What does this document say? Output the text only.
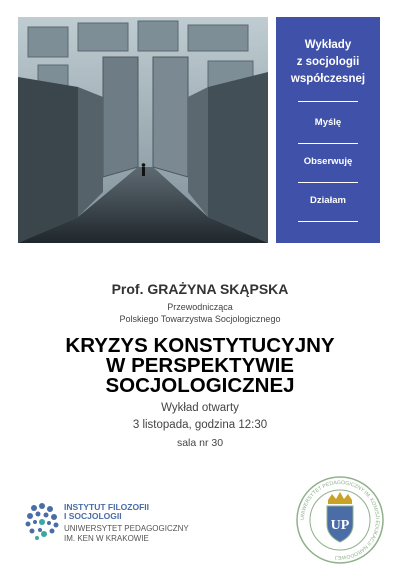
Wykłady
z socjologii
współczesnej
Myślę
Obserwuję
Działam
Prof. GRAŻYNA SKĄPSKA
Przewodnicząca
Polskiego Towarzystwa Socjologicznego
KRYZYS KONSTYTUCYJNY
W PERSPEKTYWIE
SOCJOLOGICZNEJ
Wykład otwarty
3 listopada, godzina 12:30
sala nr 30
INSTYTUT FILOZOFII
I SOCJOLOGII
UNIWERSYTET PEDAGOGICZNY
IM. KEN W KRAKOWIE
UNIWERSYTET PEDAGOGICZNY IM. KOMISJI EDUKACJI NARODOWEJ
UP
